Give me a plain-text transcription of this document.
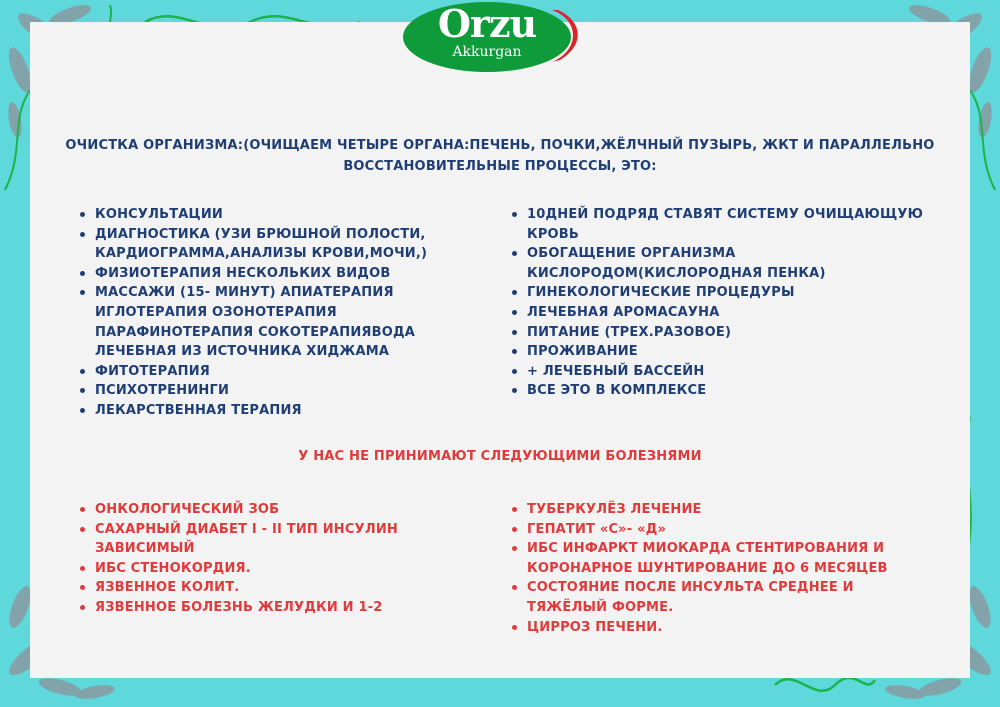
Orzu
Akkurgan
ОЧИСТКА ОРГАНИЗМА:(ОЧИЩАЕМ ЧЕТЫРЕ ОРГАНА:ПЕЧЕНЬ, ПОЧКИ,ЖЁЛЧНЫЙ ПУЗЫРЬ, ЖКТ И ПАРАЛЛЕЛЬНО ВОССТАНОВИТЕЛЬНЫЕ ПРОЦЕССЫ, ЭТО:
КОНСУЛЬТАЦИИ
ДИАГНОСТИКА (УЗИ БРЮШНОЙ ПОЛОСТИ, КАРДИОГРАММА,АНАЛИЗЫ КРОВИ,МОЧИ,)
ФИЗИОТЕРАПИЯ НЕСКОЛЬКИХ ВИДОВ
МАССАЖИ (15- МИНУТ) АПИАТЕРАПИЯ ИГЛОТЕРАПИЯ ОЗОНОТЕРАПИЯ ПАРАФИНОТЕРАПИЯ СОКОТЕРАПИЯВОДА ЛЕЧЕБНАЯ ИЗ ИСТОЧНИКА ХИДЖАМА
ФИТОТЕРАПИЯ
ПСИХОТРЕНИНГИ
ЛЕКАРСТВЕННАЯ ТЕРАПИЯ
10ДНЕЙ ПОДРЯД СТАВЯТ СИСТЕМУ ОЧИЩАЮЩУЮ КРОВЬ
ОБОГАЩЕНИЕ ОРГАНИЗМА КИСЛОРОДОМ(КИСЛОРОДНАЯ ПЕНКА)
ГИНЕКОЛОГИЧЕСКИЕ ПРОЦЕДУРЫ
ЛЕЧЕБНАЯ АРОМАСАУНА
ПИТАНИЕ (ТРЕХ.РАЗОВОЕ)
ПРОЖИВАНИЕ
+ ЛЕЧЕБНЫЙ БАССЕЙН
ВСЕ ЭТО В КОМПЛЕКСЕ
У НАС НЕ ПРИНИМАЮТ СЛЕДУЮЩИМИ БОЛЕЗНЯМИ
ОНКОЛОГИЧЕСКИЙ ЗОБ
САХАРНЫЙ ДИАБЕТ I - II ТИП ИНСУЛИН ЗАВИСИМЫЙ
ИБС СТЕНОКОРДИЯ.
ЯЗВЕННОЕ КОЛИТ.
ЯЗВЕННОЕ БОЛЕЗНЬ ЖЕЛУДКИ И 1-2
ТУБЕРКУЛЁЗ ЛЕЧЕНИЕ
ГЕПАТИТ «С»- «Д»
ИБС ИНФАРКТ МИОКАРДА СТЕНТИРОВАНИЯ И КОРОНАРНОЕ ШУНТИРОВАНИЕ ДО 6 МЕСЯЦЕВ
СОСТОЯНИЕ ПОСЛЕ ИНСУЛЬТА СРЕДНЕЕ И ТЯЖЁЛЫЙ ФОРМЕ.
ЦИРРОЗ ПЕЧЕНИ.
